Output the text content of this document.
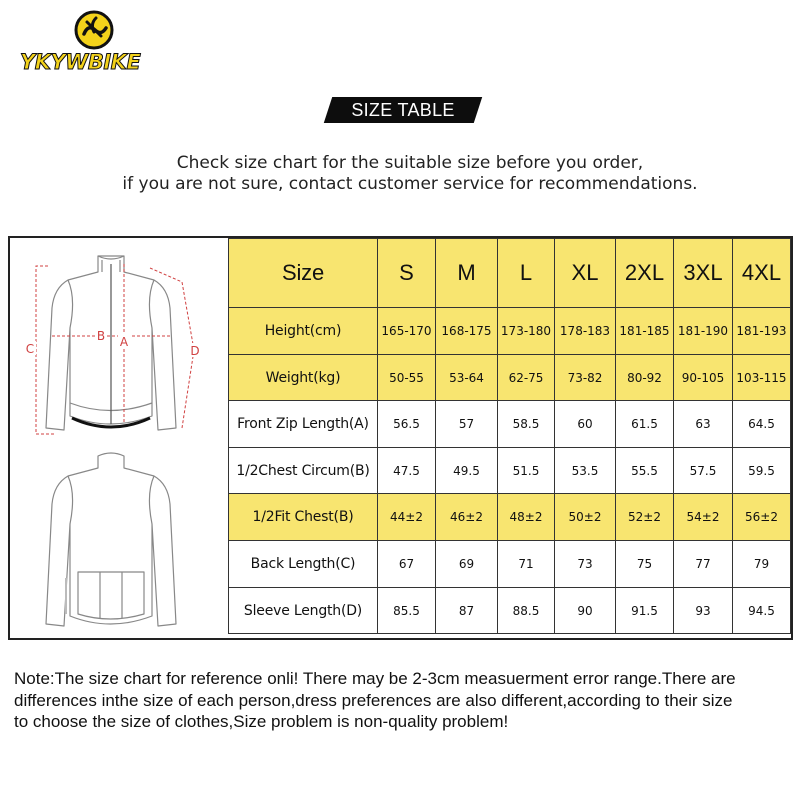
YKYWBIKE
SIZE TABLE
Check size chart for the suitable size before you order,
if you are not sure, contact customer service for recommendations.
C
B A
D
Size	S	M	L	XL	2XL	3XL	4XL
Height(cm)	165-170	168-175	173-180	178-183	181-185	181-190	181-193
Weight(kg)	50-55	53-64	62-75	73-82	80-92	90-105	103-115
Front Zip Length(A)	56.5	57	58.5	60	61.5	63	64.5
1/2Chest Circum(B)	47.5	49.5	51.5	53.5	55.5	57.5	59.5
1/2Fit Chest(B)	44±2	46±2	48±2	50±2	52±2	54±2	56±2
Back Length(C)	67	69	71	73	75	77	79
Sleeve Length(D)	85.5	87	88.5	90	91.5	93	94.5
Note:The size chart for reference onli! There may be 2-3cm measuerment error range.There are
differences inthe size of each person,dress preferences are also different,according to their size
to choose the size of clothes,Size problem is non-quality problem!
